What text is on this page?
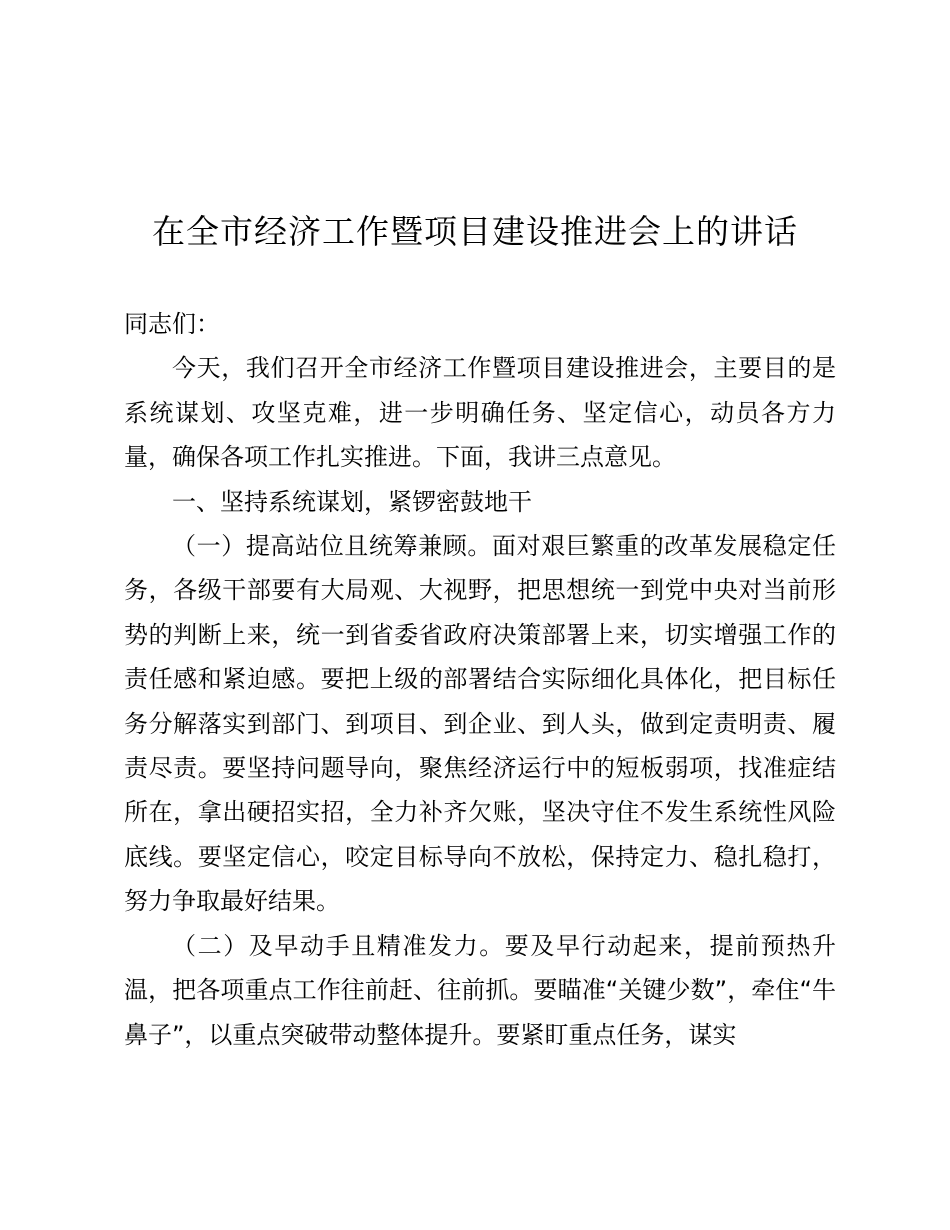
在全市经济工作暨项目建设推进会上的讲话

同志们：

今天，我们召开全市经济工作暨项目建设推进会，主要目的是系统谋划、攻坚克难，进一步明确任务、坚定信心，动员各方力量，确保各项工作扎实推进。下面，我讲三点意见。

一、坚持系统谋划，紧锣密鼓地干

（一）提高站位且统筹兼顾。面对艰巨繁重的改革发展稳定任务，各级干部要有大局观、大视野，把思想统一到党中央对当前形势的判断上来，统一到省委省政府决策部署上来，切实增强工作的责任感和紧迫感。要把上级的部署结合实际细化具体化，把目标任务分解落实到部门、到项目、到企业、到人头，做到定责明责、履责尽责。要坚持问题导向，聚焦经济运行中的短板弱项，找准症结所在，拿出硬招实招，全力补齐欠账，坚决守住不发生系统性风险底线。要坚定信心，咬定目标导向不放松，保持定力、稳扎稳打，努力争取最好结果。

（二）及早动手且精准发力。要及早行动起来，提前预热升温，把各项重点工作往前赶、往前抓。要瞄准“关键少数”，牵住“牛鼻子”，以重点突破带动整体提升。要紧盯重点任务，谋实
